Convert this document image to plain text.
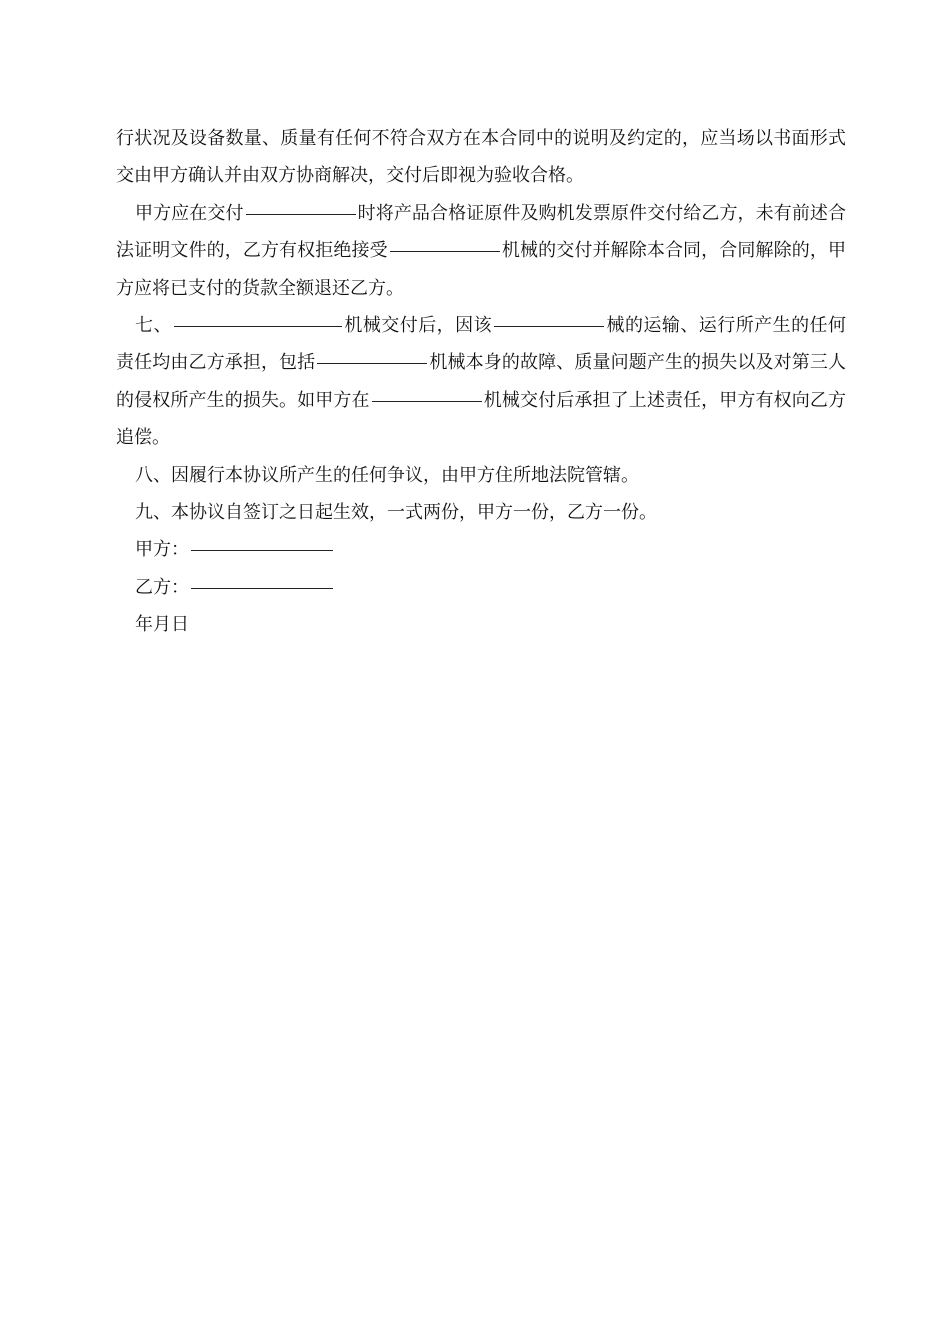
行状况及设备数量、质量有任何不符合双方在本合同中的说明及约定的，应当场以书面形式交由甲方确认并由双方协商解决，交付后即视为验收合格。

甲方应在交付	时将产品合格证原件及购机发票原件交付给乙方，未有前述合法证明文件的，乙方有权拒绝接受	机械的交付并解除本合同，合同解除的，甲方应将已支付的货款全额退还乙方。

七、	机械交付后，因该	械的运输、运行所产生的任何责任均由乙方承担，包括	机械本身的故障、质量问题产生的损失以及对第三人的侵权所产生的损失。如甲方在	机械交付后承担了上述责任，甲方有权向乙方追偿。

八、因履行本协议所产生的任何争议，由甲方住所地法院管辖。

九、本协议自签订之日起生效，一式两份，甲方一份，乙方一份。

甲方：

乙方：

年月日
